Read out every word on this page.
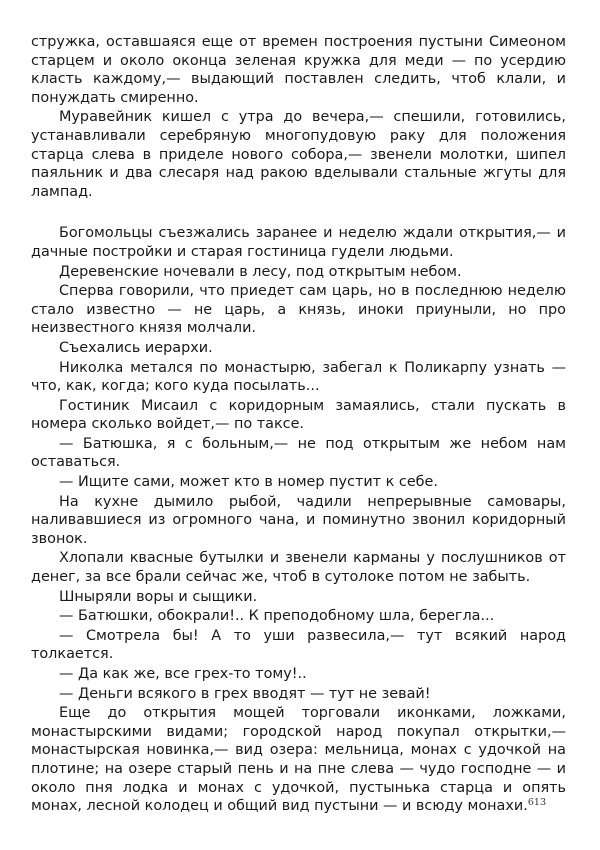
стружка, оставшаяся еще от времен построения пустыни Симеоном старцем и около оконца зеленая кружка для меди — по усердию класть каждому,— выдающий поставлен следить, чтоб клали, и понуждать смиренно.

Муравейник кишел с утра до вечера,— спешили, готовились, устанавливали серебряную многопудовую раку для положения старца слева в приделе нового собора,— звенели молотки, шипел паяльник и два слесаря над ракою вделывали стальные жгуты для лампад.

Богомольцы съезжались заранее и неделю ждали открытия,— и дачные постройки и старая гостиница гудели людьми.

Деревенские ночевали в лесу, под открытым небом.

Сперва говорили, что приедет сам царь, но в последнюю неделю стало известно — не царь, а князь, иноки приуныли, но про неизвестного князя молчали.

Съехались иерархи.

Николка метался по монастырю, забегал к Поликарпу узнать — что, как, когда; кого куда посылать...

Гостиник Мисаил с коридорным замаялись, стали пускать в номера сколько войдет,— по таксе.

— Батюшка, я с больным,— не под открытым же небом нам оставаться.

— Ищите сами, может кто в номер пустит к себе.

На кухне дымило рыбой, чадили непрерывные самовары, наливавшиеся из огромного чана, и поминутно звонил коридорный звонок.

Хлопали квасные бутылки и звенели карманы у послушников от денег, за все брали сейчас же, чтоб в сутолоке потом не забыть.

Шныряли воры и сыщики.

— Батюшки, обокрали!.. К преподобному шла, берегла...

— Смотрела бы! А то уши развесила,— тут всякий народ толкается.

— Да как же, все грех-то тому!..

— Деньги всякого в грех вводят — тут не зевай!

Еще до открытия мощей торговали иконками, ложками, монастырскими видами; городской народ покупал открытки,— монастырская новинка,— вид озера: мельница, монах с удочкой на плотине; на озере старый пень и на пне слева — чудо господне — и около пня лодка и монах с удочкой, пустынька старца и опять монах, лесной колодец и общий вид пустыни — и всюду монахи. 613
